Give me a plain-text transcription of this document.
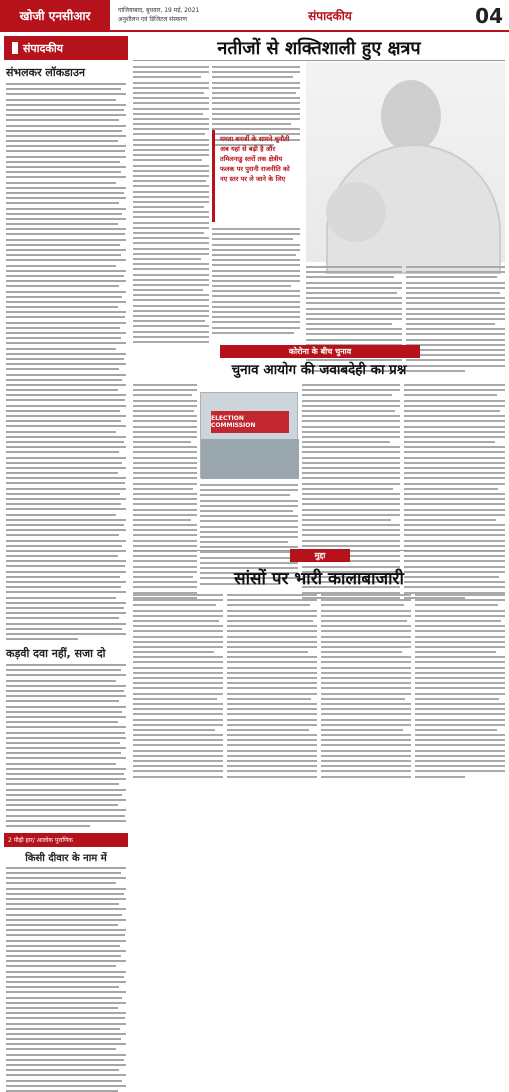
खोजी एनसीआर	गाजियाबाद, बुधवार, 19 मई, 2021
अनुशीलन एवं डिजिटल संस्करण	संपादकीय	04
संपादकीय
संभलकर लॉकडाउन
कड़वी दवा नहीं, सजा दो
2 पीढ़ी हार/ आलोक पुराणिक
किसी दीवार के नाम में
नतीजों से शक्तिशाली हुए क्षत्रप
ममता बनर्जी के सामने चुनौती अब यहां से बढ़ी है और तमिलनाडु स्तरों तक क्षेत्रीय फलक पर पुरानी राजनीति को नए स्तर पर ले जाने के लिए
कोरोना के बीच चुनाव
चुनाव आयोग की जवाबदेही का प्रश्न
ELECTION COMMISSION
मुद्दा
सांसों पर भारी कालाबाजारी
